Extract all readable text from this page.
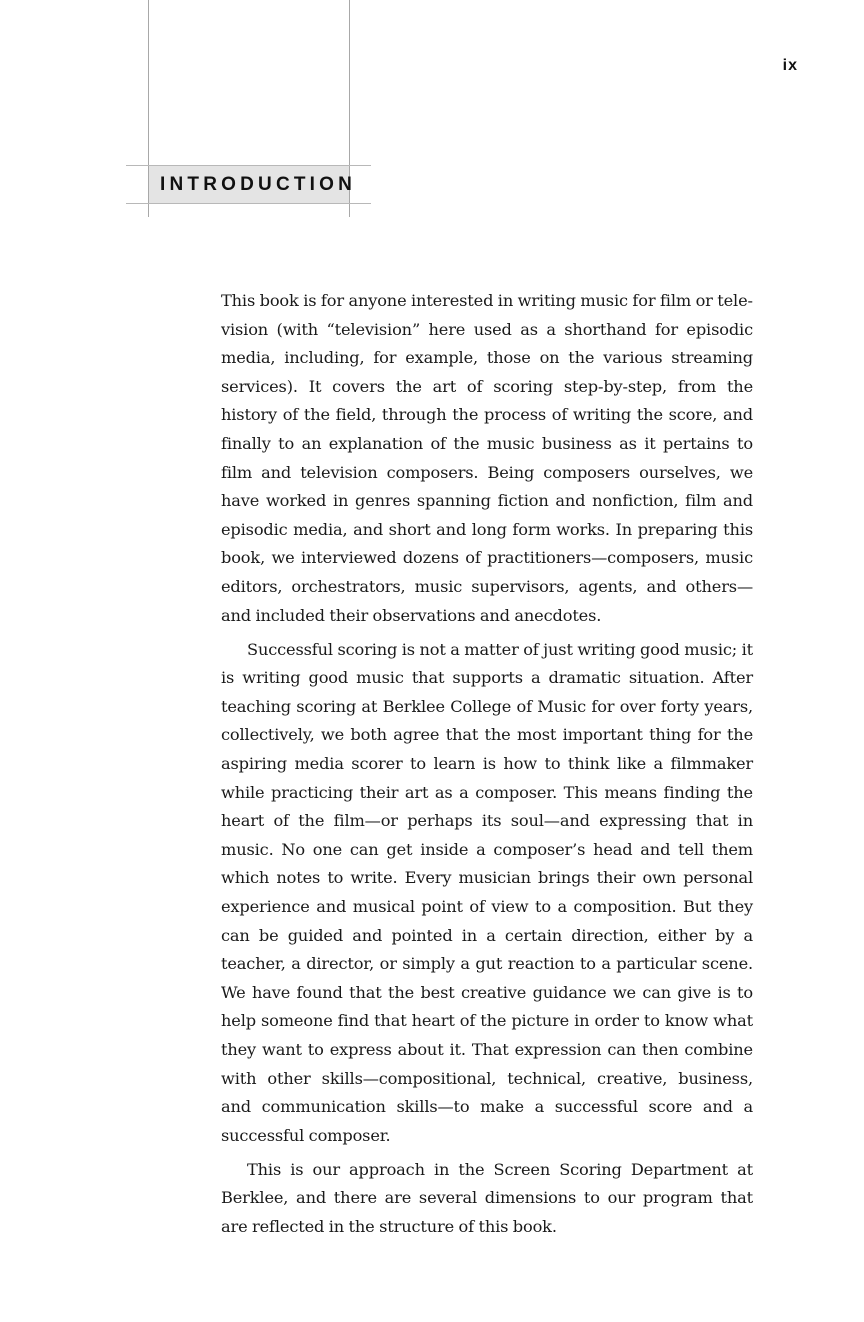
ix
INTRODUCTION

This book is for anyone interested in writing music for film or television (with “television” here used as a shorthand for episodic media, including, for example, those on the various streaming services). It covers the art of scoring step-by-step, from the history of the field, through the process of writing the score, and finally to an explanation of the music business as it pertains to film and television composers. Being composers ourselves, we have worked in genres spanning fiction and nonfiction, film and episodic media, and short and long form works. In preparing this book, we interviewed dozens of practitioners—composers, music editors, orchestrators, music supervisors, agents, and others—and included their observations and anecdotes.

Successful scoring is not a matter of just writing good music; it is writing good music that supports a dramatic situation. After teaching scoring at Berklee College of Music for over forty years, collectively, we both agree that the most important thing for the aspiring media scorer to learn is how to think like a filmmaker while practicing their art as a composer. This means finding the heart of the film—or perhaps its soul—and expressing that in music. No one can get inside a composer’s head and tell them which notes to write. Every musician brings their own personal experience and musical point of view to a composition. But they can be guided and pointed in a certain direction, either by a teacher, a director, or simply a gut reaction to a particular scene. We have found that the best creative guidance we can give is to help someone find that heart of the picture in order to know what they want to express about it. That expression can then combine with other skills—compositional, technical, creative, business, and communication skills—to make a successful score and a successful composer.

This is our approach in the Screen Scoring Department at Berklee, and there are several dimensions to our program that are reflected in the structure of this book.
